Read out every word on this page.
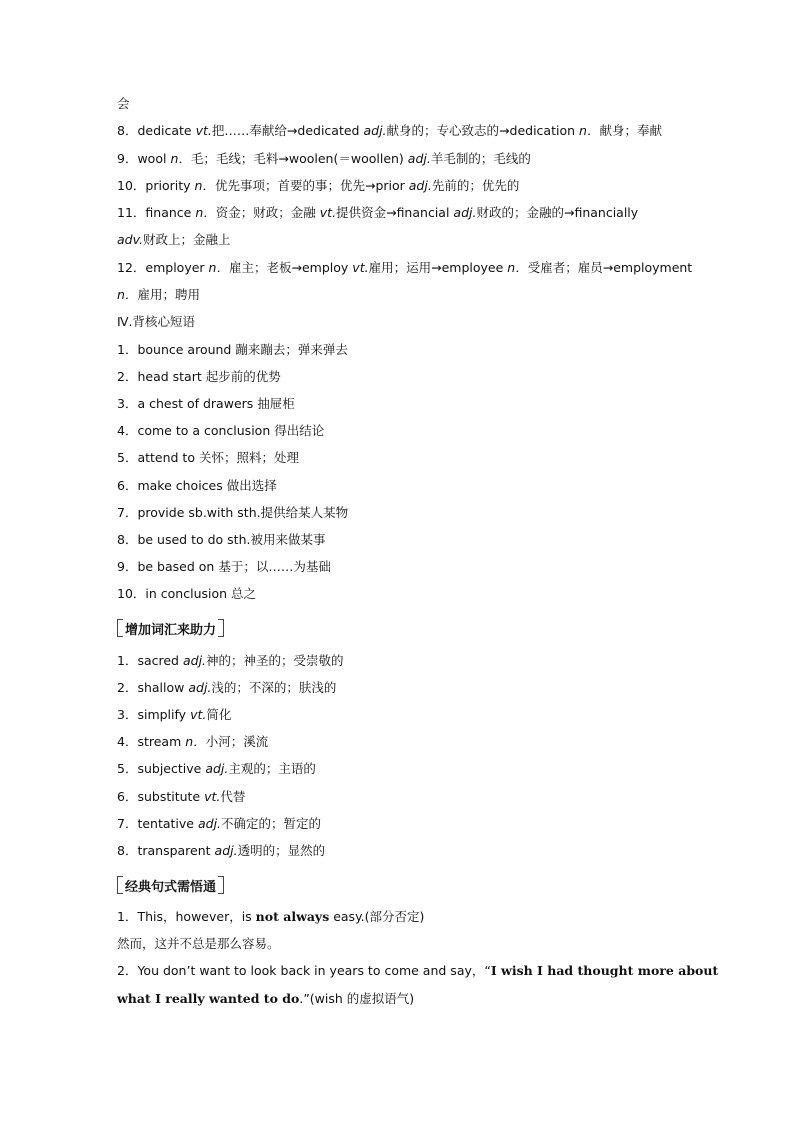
会
8．dedicate vt.把……奉献给→dedicated adj.献身的；专心致志的→dedication n．献身；奉献
9．wool n．毛；毛线；毛料→woolen(＝woollen) adj.羊毛制的；毛线的
10．priority n．优先事项；首要的事；优先→prior adj.先前的；优先的
11．finance n．资金；财政；金融 vt.提供资金→financial adj.财政的；金融的→financially
adv.财政上；金融上
12．employer n．雇主；老板→employ vt.雇用；运用→employee n．受雇者；雇员→employment
n．雇用；聘用
Ⅳ.背核心短语
1．bounce around 蹦来蹦去；弹来弹去
2．head start 起步前的优势
3．a chest of drawers 抽屉柜
4．come to a conclusion 得出结论
5．attend to 关怀；照料；处理
6．make choices 做出选择
7．provide sb.with sth.提供给某人某物
8．be used to do sth.被用来做某事
9．be based on 基于；以……为基础
10．in conclusion 总之
增加词汇来助力
1．sacred adj.神的；神圣的；受崇敬的
2．shallow adj.浅的；不深的；肤浅的
3．simplify vt.简化
4．stream n．小河；溪流
5．subjective adj.主观的；主语的
6．substitute vt.代替
7．tentative adj.不确定的；暂定的
8．transparent adj.透明的；显然的
经典句式需悟通
1．This，however，is not always easy.(部分否定)
然而，这并不总是那么容易。
2．You don’t want to look back in years to come and say，“I wish I had thought more about
what I really wanted to do.”(wish 的虚拟语气)
